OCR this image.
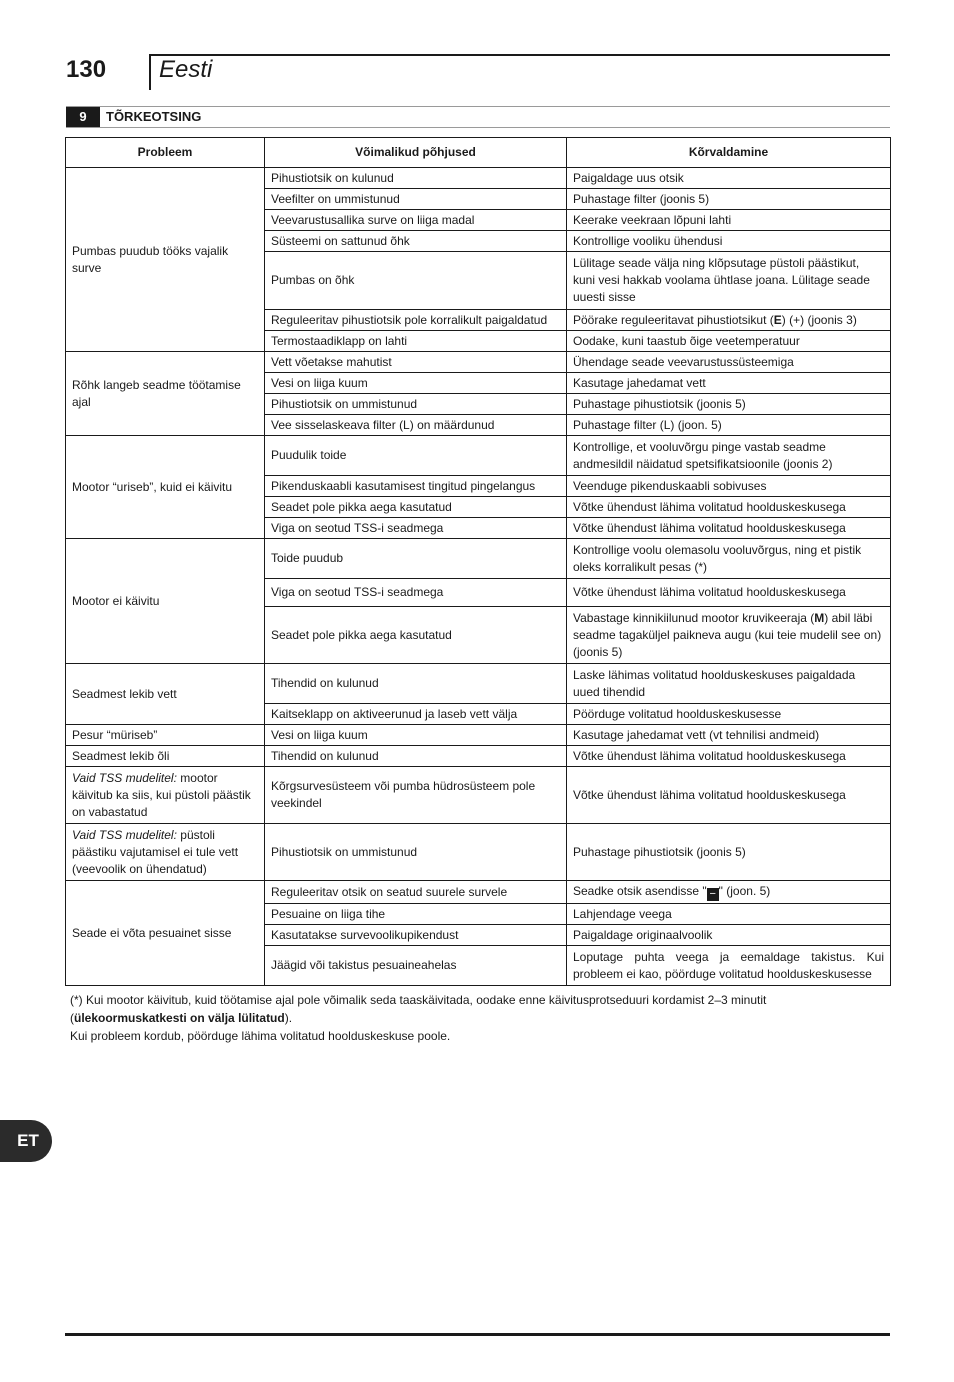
130 Eesti
9	TÕRKEOTSING
Probleem	Võimalikud põhjused	Kõrvaldamine
Pumbas puudub tööks vajalik surve	Pihustiotsik on kulunud	Paigaldage uus otsik
	Veefilter on ummistunud	Puhastage filter (joonis 5)
	Veevarustusallika surve on liiga madal	Keerake veekraan lõpuni lahti
	Süsteemi on sattunud õhk	Kontrollige vooliku ühendusi
	Pumbas on õhk	Lülitage seade välja ning klõpsutage püstoli päästikut, kuni vesi hakkab voolama ühtlase joana. Lülitage seade uuesti sisse
	Reguleeritav pihustiotsik pole korralikult paigaldatud	Pöörake reguleeritavat pihustiotsikut (E) (+) (joonis 3)
	Termostaadiklapp on lahti	Oodake, kuni taastub õige veetemperatuur
Rõhk langeb seadme töötamise ajal	Vett võetakse mahutist	Ühendage seade veevarustussüsteemiga
	Vesi on liiga kuum	Kasutage jahedamat vett
	Pihustiotsik on ummistunud	Puhastage pihustiotsik (joonis 5)
	Vee sisselaskeava filter (L) on määrdunud	Puhastage filter (L) (joon. 5)
Mootor “uriseb”, kuid ei käivitu	Puudulik toide	Kontrollige, et vooluvõrgu pinge vastab seadme andmesildil näidatud spetsifikatsioonile (joonis 2)
	Pikenduskaabli kasutamisest tingitud pingelangus	Veenduge pikenduskaabli sobivuses
	Seadet pole pikka aega kasutatud	Võtke ühendust lähima volitatud hoolduskeskusega
	Viga on seotud TSS-i seadmega	Võtke ühendust lähima volitatud hoolduskeskusega
Mootor ei käivitu	Toide puudub	Kontrollige voolu olemasolu vooluvõrgus, ning et pistik oleks korralikult pesas (*)
	Viga on seotud TSS-i seadmega	Võtke ühendust lähima volitatud hoolduskeskusega
	Seadet pole pikka aega kasutatud	Vabastage kinnikiilunud mootor kruvikeeraja (M) abil läbi seadme tagaküljel paikneva augu (kui teie mudelil see on) (joonis 5)
Seadmest lekib vett	Tihendid on kulunud	Laske lähimas volitatud hoolduskeskuses paigaldada uued tihendid
	Kaitseklapp on aktiveerunud ja laseb vett välja	Pöörduge volitatud hoolduskeskusesse
Pesur “müriseb”	Vesi on liiga kuum	Kasutage jahedamat vett (vt tehnilisi andmeid)
Seadmest lekib õli	Tihendid on kulunud	Võtke ühendust lähima volitatud hoolduskeskusega
Vaid TSS mudelitel: mootor käivitub ka siis, kui püstoli päästik on vabastatud	Kõrgsurvesüsteem või pumba hüdrosüsteem pole veekindel	Võtke ühendust lähima volitatud hoolduskeskusega
Vaid TSS mudelitel: püstoli päästiku vajutamisel ei tule vett (veevoolik on ühendatud)	Pihustiotsik on ummistunud	Puhastage pihustiotsik (joonis 5)
Seade ei võta pesuainet sisse	Reguleeritav otsik on seatud suurele survele	Seadke otsik asendisse " − " (joon. 5)
	Pesuaine on liiga tihe	Lahjendage veega
	Kasutatakse survevoolikupikendust	Paigaldage originaalvoolik
	Jäägid või takistus pesuaineahelas	Loputage puhta veega ja eemaldage takistus. Kui probleem ei kao, pöörduge volitatud hoolduskeskusesse

(*) Kui mootor käivitub, kuid töötamise ajal pole võimalik seda taaskäivitada, oodake enne käivitusprotseduuri kordamist 2–3 minutit

(ülekoormuskatkesti on välja lülitatud).

Kui probleem kordub, pöörduge lähima volitatud hoolduskeskuse poole.

ET
